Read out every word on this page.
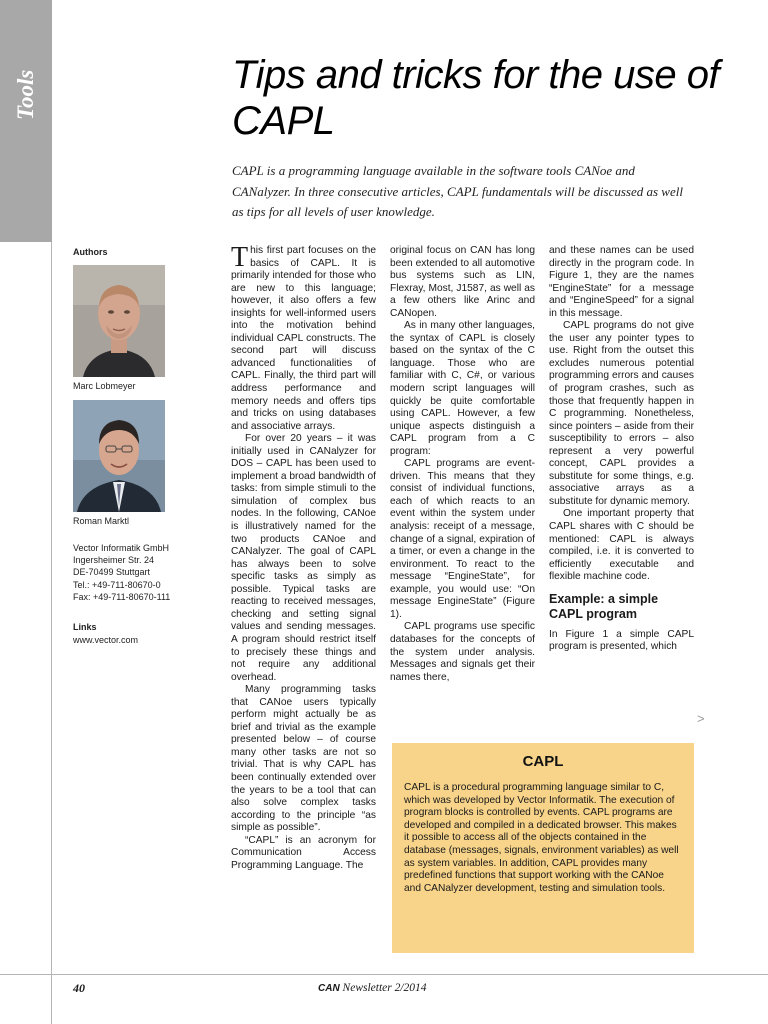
Tools	Tips and tricks for the use of CAPL

CAPL is a programming language available in the software tools CANoe and CANalyzer. In three consecutive articles, CAPL fundamentals will be discussed as well as tips for all levels of user knowledge.

Authors
Marc Lobmeyer
Roman Marktl
Vector Informatik GmbH
Ingersheimer Str. 24
DE-70499 Stuttgart
Tel.: +49-711-80670-0
Fax: +49-711-80670-111
Links
www.vector.com

This first part focuses on the basics of CAPL. It is primarily intended for those who are new to this language; however, it also offers a few insights for well-informed users into the motivation behind individual CAPL constructs. The second part will discuss advanced functionalities of CAPL. Finally, the third part will address performance and memory needs and offers tips and tricks on using databases and associative arrays.

For over 20 years – it was initially used in CANalyzer for DOS – CAPL has been used to implement a broad bandwidth of tasks: from simple stimuli to the simulation of complex bus nodes. In the following, CANoe is illustratively named for the two products CANoe and CANalyzer. The goal of CAPL has always been to solve specific tasks as simply as possible. Typical tasks are reacting to received messages, checking and setting signal values and sending messages. A program should restrict itself to precisely these things and not require any additional overhead.

Many programming tasks that CANoe users typically perform might actually be as brief and trivial as the example presented below – of course many other tasks are not so trivial. That is why CAPL has been continually extended over the years to be a tool that can also solve complex tasks according to the principle “as simple as possible”.

“CAPL” is an acronym for Communication Access Programming Language. The

original focus on CAN has long been extended to all automotive bus systems such as LIN, Flexray, Most, J1587, as well as a few others like Arinc and CANopen.

As in many other languages, the syntax of CAPL is closely based on the syntax of the C language. Those who are familiar with C, C#, or various modern script languages will quickly be quite comfortable using CAPL. However, a few unique aspects distinguish a CAPL program from a C program:

CAPL programs are event-driven. This means that they consist of individual functions, each of which reacts to an event within the system under analysis: receipt of a message, change of a signal, expiration of a timer, or even a change in the environment. To react to the message “EngineState”, for example, you would use: “On message EngineState” (Figure 1).

CAPL programs use specific databases for the concepts of the system under analysis. Messages and signals get their names there,

and these names can be used directly in the program code. In Figure 1, they are the names “EngineState” for a message and “EngineSpeed” for a signal in this message.

CAPL programs do not give the user any pointer types to use. Right from the outset this excludes numerous potential programming errors and causes of program crashes, such as those that frequently happen in C programming. Nonetheless, since pointers – aside from their susceptibility to errors – also represent a very powerful concept, CAPL provides a substitute for some things, e.g. associative arrays as a substitute for dynamic memory.

One important property that CAPL shares with C should be mentioned: CAPL is always compiled, i.e. it is converted to efficiently executable and flexible machine code.

Example: a simple CAPL program

In Figure 1 a simple CAPL program is presented, which

>

CAPL

CAPL is a procedural programming language similar to C, which was developed by Vector Informatik. The execution of program blocks is controlled by events. CAPL programs are developed and compiled in a dedicated browser. This makes it possible to access all of the objects contained in the database (messages, signals, environment variables) as well as system variables. In addition, CAPL provides many predefined functions that support working with the CANoe and CANalyzer development, testing and simulation tools.

40	CAN Newsletter 2/2014
